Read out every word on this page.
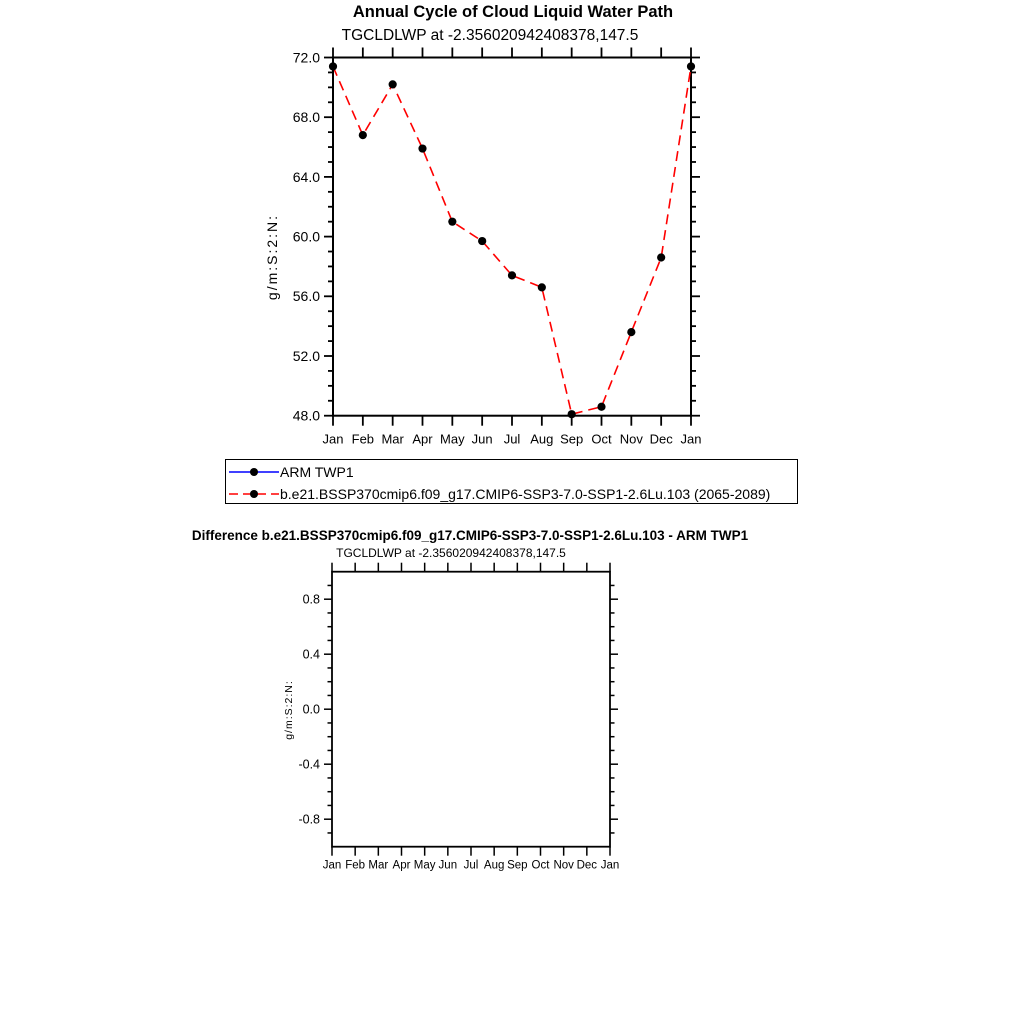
Annual Cycle of Cloud Liquid Water Path
TGCLDLWP at -2.356020942408378,147.5
g/m:S:2:N:
Jan Feb Mar Apr May Jun Jul Aug Sep Oct Nov Dec Jan
72.0
68.0
64.0
60.0
56.0
52.0
48.0
Jan Feb Mar Apr May Jun Jul Aug Sep Oct Nov Dec Jan
0.8
0.4
0.0
-0.4
-0.8
ARM TWP1
b.e21.BSSP370cmip6.f09_g17.CMIP6-SSP3-7.0-SSP1-2.6Lu.103 (2065-2089)
Difference b.e21.BSSP370cmip6.f09_g17.CMIP6-SSP3-7.0-SSP1-2.6Lu.103 - ARM TWP1
TGCLDLWP at -2.356020942408378,147.5
g/m:S:2:N:
